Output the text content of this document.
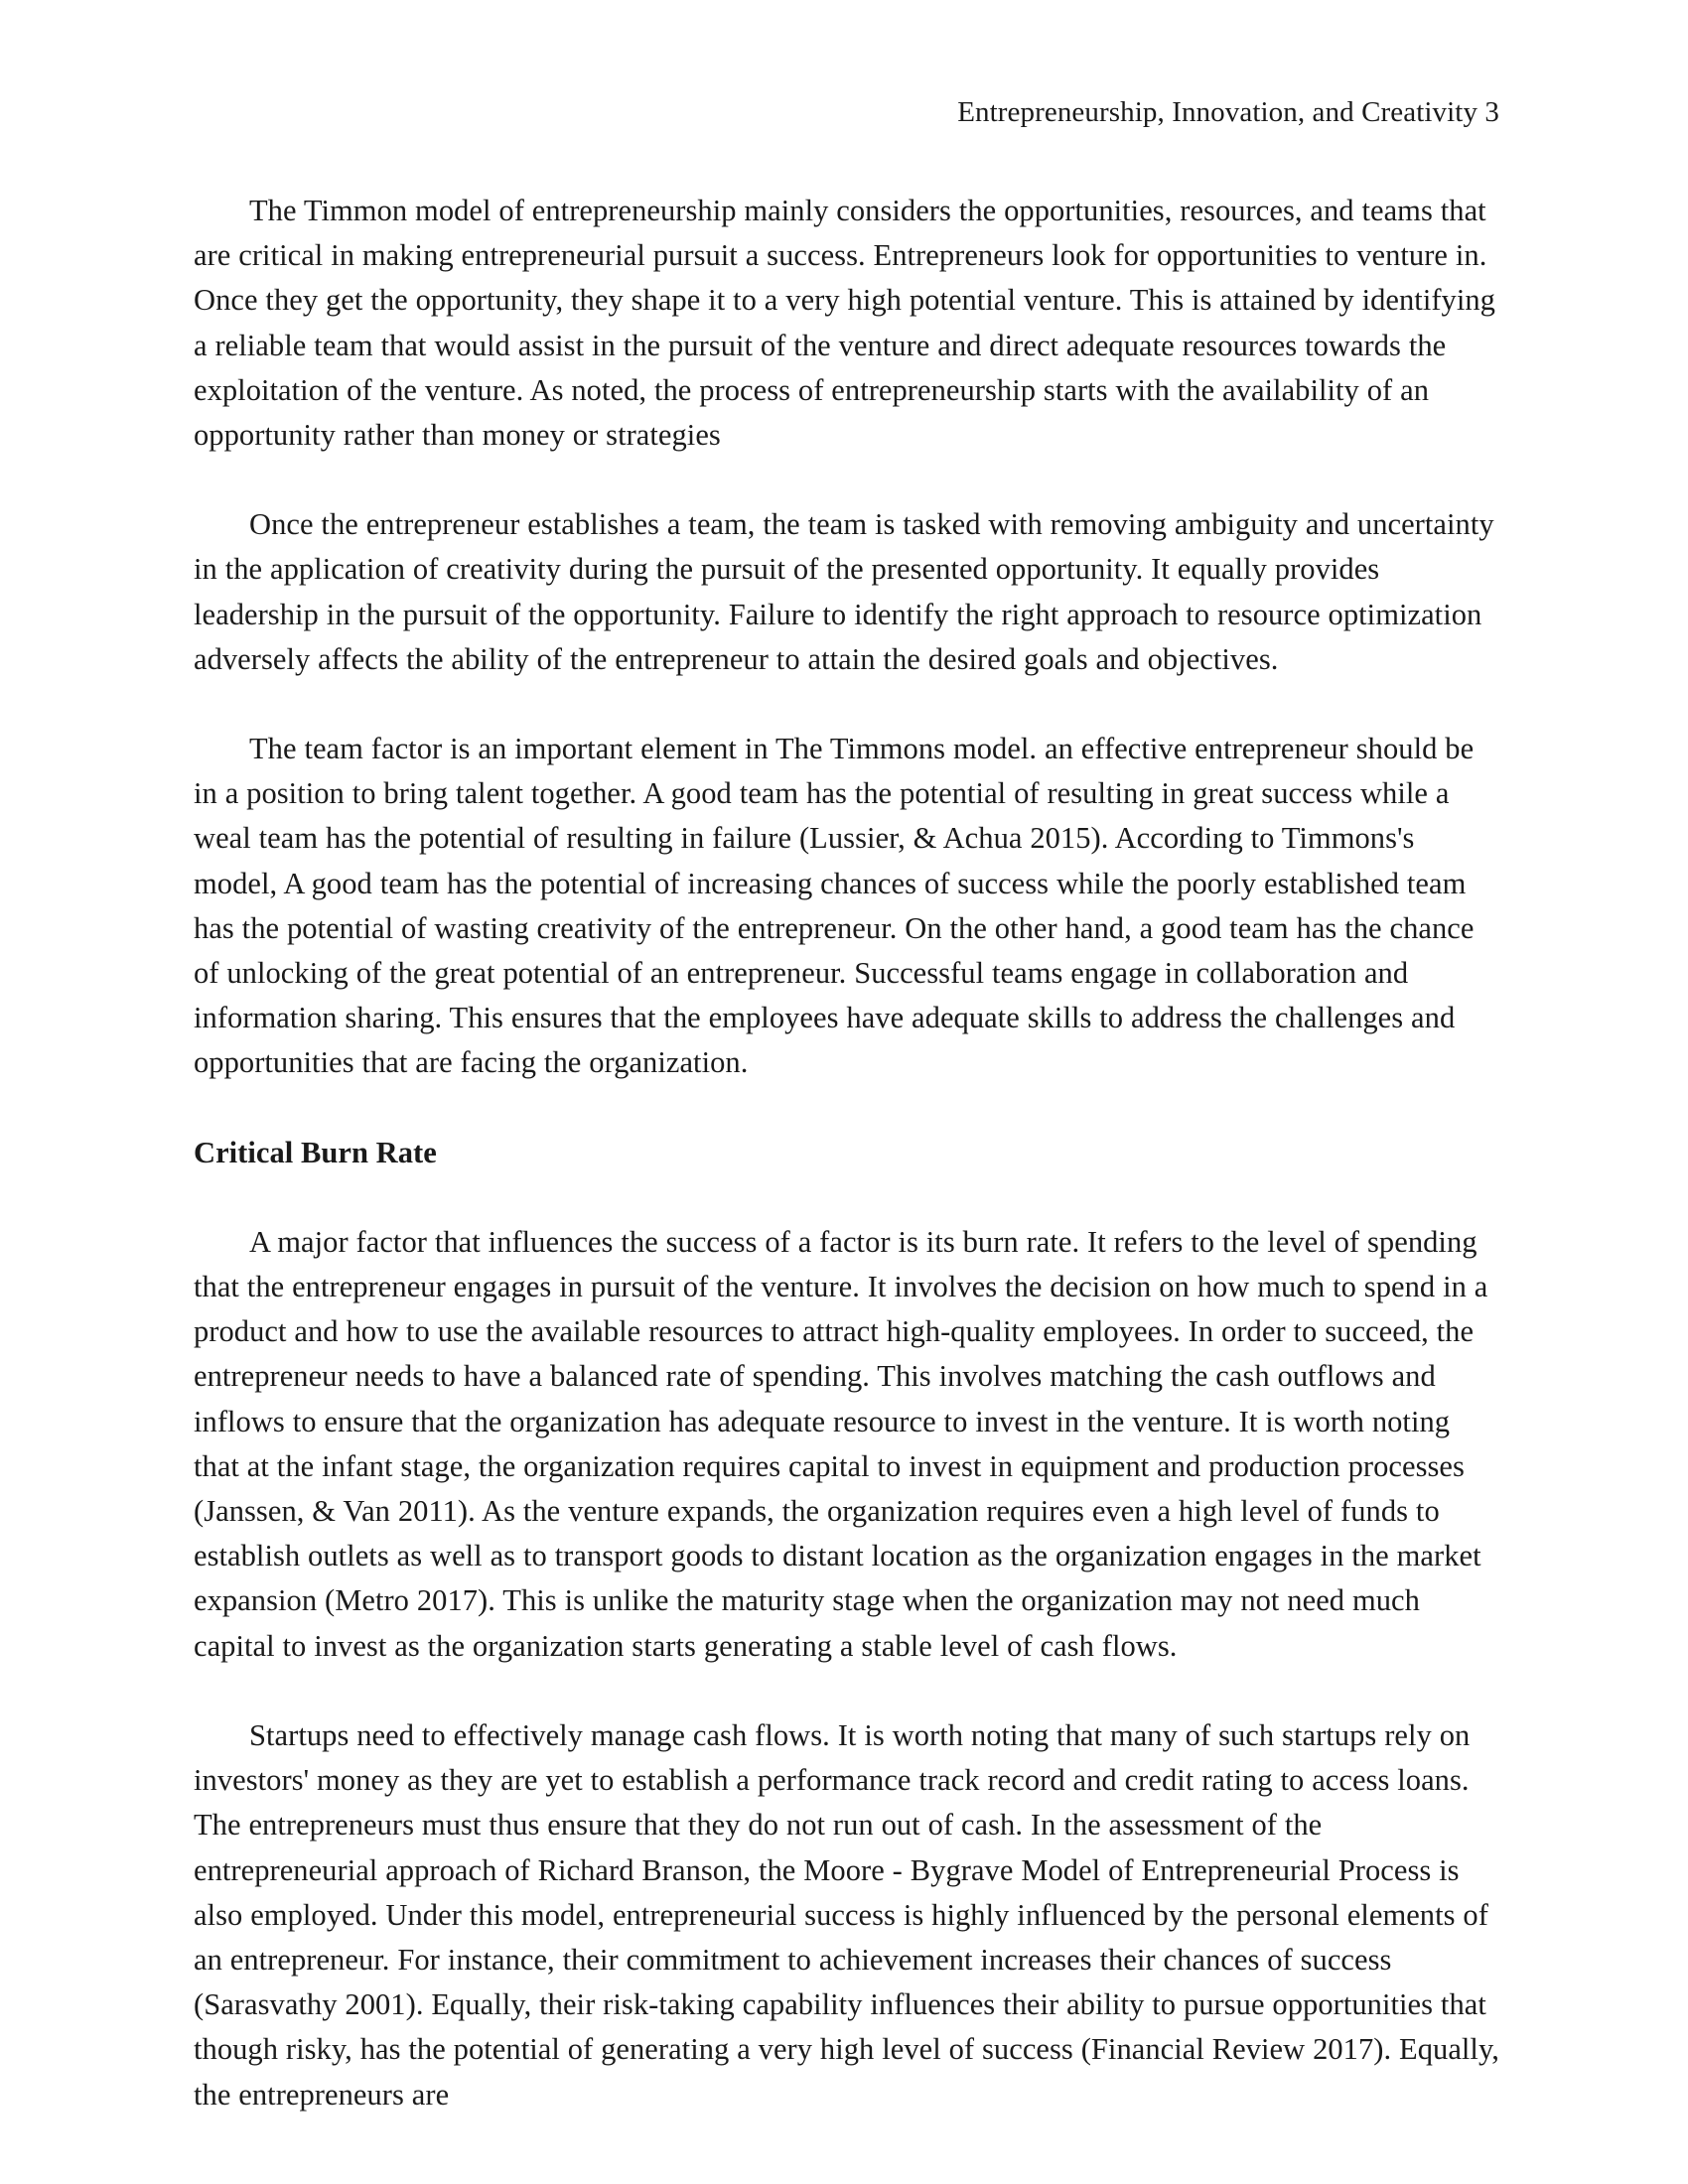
Entrepreneurship, Innovation, and Creativity 3

The Timmon model of entrepreneurship mainly considers the opportunities, resources, and teams that are critical in making entrepreneurial pursuit a success. Entrepreneurs look for opportunities to venture in. Once they get the opportunity, they shape it to a very high potential venture. This is attained by identifying a reliable team that would assist in the pursuit of the venture and direct adequate resources towards the exploitation of the venture. As noted, the process of entrepreneurship starts with the availability of an opportunity rather than money or strategies

Once the entrepreneur establishes a team, the team is tasked with removing ambiguity and uncertainty in the application of creativity during the pursuit of the presented opportunity. It equally provides leadership in the pursuit of the opportunity. Failure to identify the right approach to resource optimization adversely affects the ability of the entrepreneur to attain the desired goals and objectives.

The team factor is an important element in The Timmons model. an effective entrepreneur should be in a position to bring talent together. A good team has the potential of resulting in great success while a weal team has the potential of resulting in failure (Lussier, & Achua 2015). According to Timmons's model, A good team has the potential of increasing chances of success while the poorly established team has the potential of wasting creativity of the entrepreneur. On the other hand, a good team has the chance of unlocking of the great potential of an entrepreneur. Successful teams engage in collaboration and information sharing. This ensures that the employees have adequate skills to address the challenges and opportunities that are facing the organization.

Critical Burn Rate

A major factor that influences the success of a factor is its burn rate. It refers to the level of spending that the entrepreneur engages in pursuit of the venture. It involves the decision on how much to spend in a product and how to use the available resources to attract high-quality employees. In order to succeed, the entrepreneur needs to have a balanced rate of spending. This involves matching the cash outflows and inflows to ensure that the organization has adequate resource to invest in the venture. It is worth noting that at the infant stage, the organization requires capital to invest in equipment and production processes (Janssen, & Van 2011). As the venture expands, the organization requires even a high level of funds to establish outlets as well as to transport goods to distant location as the organization engages in the market expansion (Metro 2017). This is unlike the maturity stage when the organization may not need much capital to invest as the organization starts generating a stable level of cash flows.

Startups need to effectively manage cash flows. It is worth noting that many of such startups rely on investors' money as they are yet to establish a performance track record and credit rating to access loans. The entrepreneurs must thus ensure that they do not run out of cash. In the assessment of the entrepreneurial approach of Richard Branson, the Moore - Bygrave Model of Entrepreneurial Process is also employed. Under this model, entrepreneurial success is highly influenced by the personal elements of an entrepreneur. For instance, their commitment to achievement increases their chances of success (Sarasvathy 2001). Equally, their risk-taking capability influences their ability to pursue opportunities that though risky, has the potential of generating a very high level of success (Financial Review 2017). Equally, the entrepreneurs are
